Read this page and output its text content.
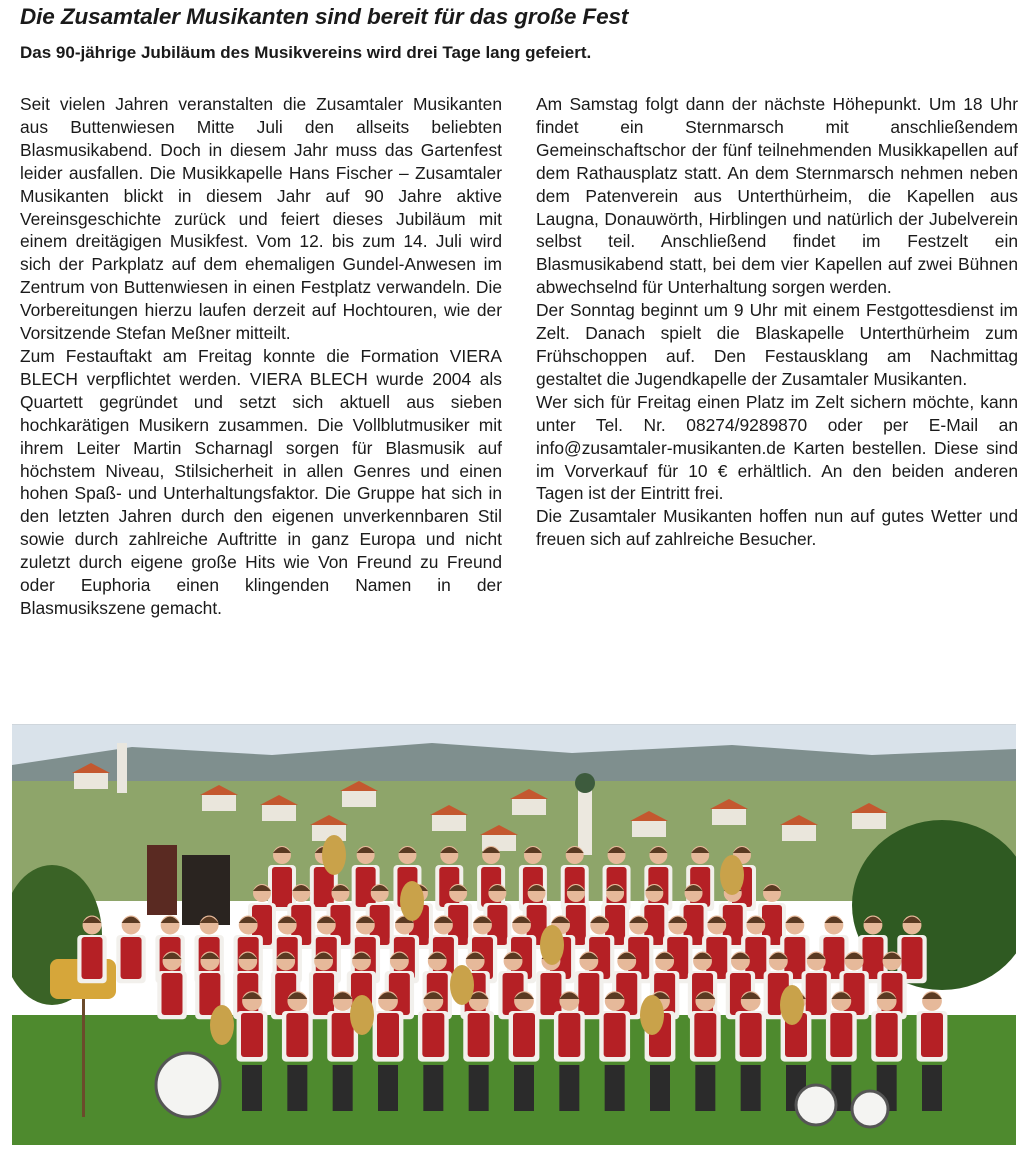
Die Zusamtaler Musikanten sind bereit für das große Fest
Das 90-jährige Jubiläum des Musikvereins wird drei Tage lang gefeiert.

Seit vielen Jahren veranstalten die Zusamtaler Musikanten aus Buttenwiesen Mitte Juli den allseits beliebten Blasmusikabend. Doch in diesem Jahr muss das Gartenfest leider ausfallen. Die Musikkapelle Hans Fischer – Zusamtaler Musikanten blickt in diesem Jahr auf 90 Jahre aktive Vereinsgeschichte zurück und feiert dieses Jubiläum mit einem dreitägigen Musikfest. Vom 12. bis zum 14. Juli wird sich der Parkplatz auf dem ehemaligen Gundel-Anwesen im Zentrum von Buttenwiesen in einen Festplatz verwandeln. Die Vorbereitungen hierzu laufen derzeit auf Hochtouren, wie der Vorsitzende Stefan Meßner mitteilt.

Zum Festauftakt am Freitag konnte die Formation VIERA BLECH verpflichtet werden. VIERA BLECH wurde 2004 als Quartett gegründet und setzt sich aktuell aus sieben hochkarätigen Musikern zusammen. Die Vollblutmusiker mit ihrem Leiter Martin Scharnagl sorgen für Blasmusik auf höchstem Niveau, Stilsicherheit in allen Genres und einen hohen Spaß- und Unterhaltungsfaktor. Die Gruppe hat sich in den letzten Jahren durch den eigenen unverkennbaren Stil sowie durch zahlreiche Auftritte in ganz Europa und nicht zuletzt durch eigene große Hits wie Von Freund zu Freund oder Euphoria einen klingenden Namen in der Blasmusikszene gemacht.

Am Samstag folgt dann der nächste Höhepunkt. Um 18 Uhr findet ein Sternmarsch mit anschließendem Gemeinschaftschor der fünf teilnehmenden Musikkapellen auf dem Rathausplatz statt. An dem Sternmarsch nehmen neben dem Patenverein aus Unterthürheim, die Kapellen aus Laugna, Donauwörth, Hirblingen und natürlich der Jubelverein selbst teil. Anschließend findet im Festzelt ein Blasmusikabend statt, bei dem vier Kapellen auf zwei Bühnen abwechselnd für Unterhaltung sorgen werden.

Der Sonntag beginnt um 9 Uhr mit einem Festgottesdienst im Zelt. Danach spielt die Blaskapelle Unterthürheim zum Frühschoppen auf. Den Festausklang am Nachmittag gestaltet die Jugendkapelle der Zusamtaler Musikanten.

Wer sich für Freitag einen Platz im Zelt sichern möchte, kann unter Tel. Nr. 08274/9289870 oder per E-Mail an info@zusamtaler-musikanten.de Karten bestellen. Diese sind im Vorverkauf für 10 € erhältlich. An den beiden anderen Tagen ist der Eintritt frei.

Die Zusamtaler Musikanten hoffen nun auf gutes Wetter und freuen sich auf zahlreiche Besucher.
